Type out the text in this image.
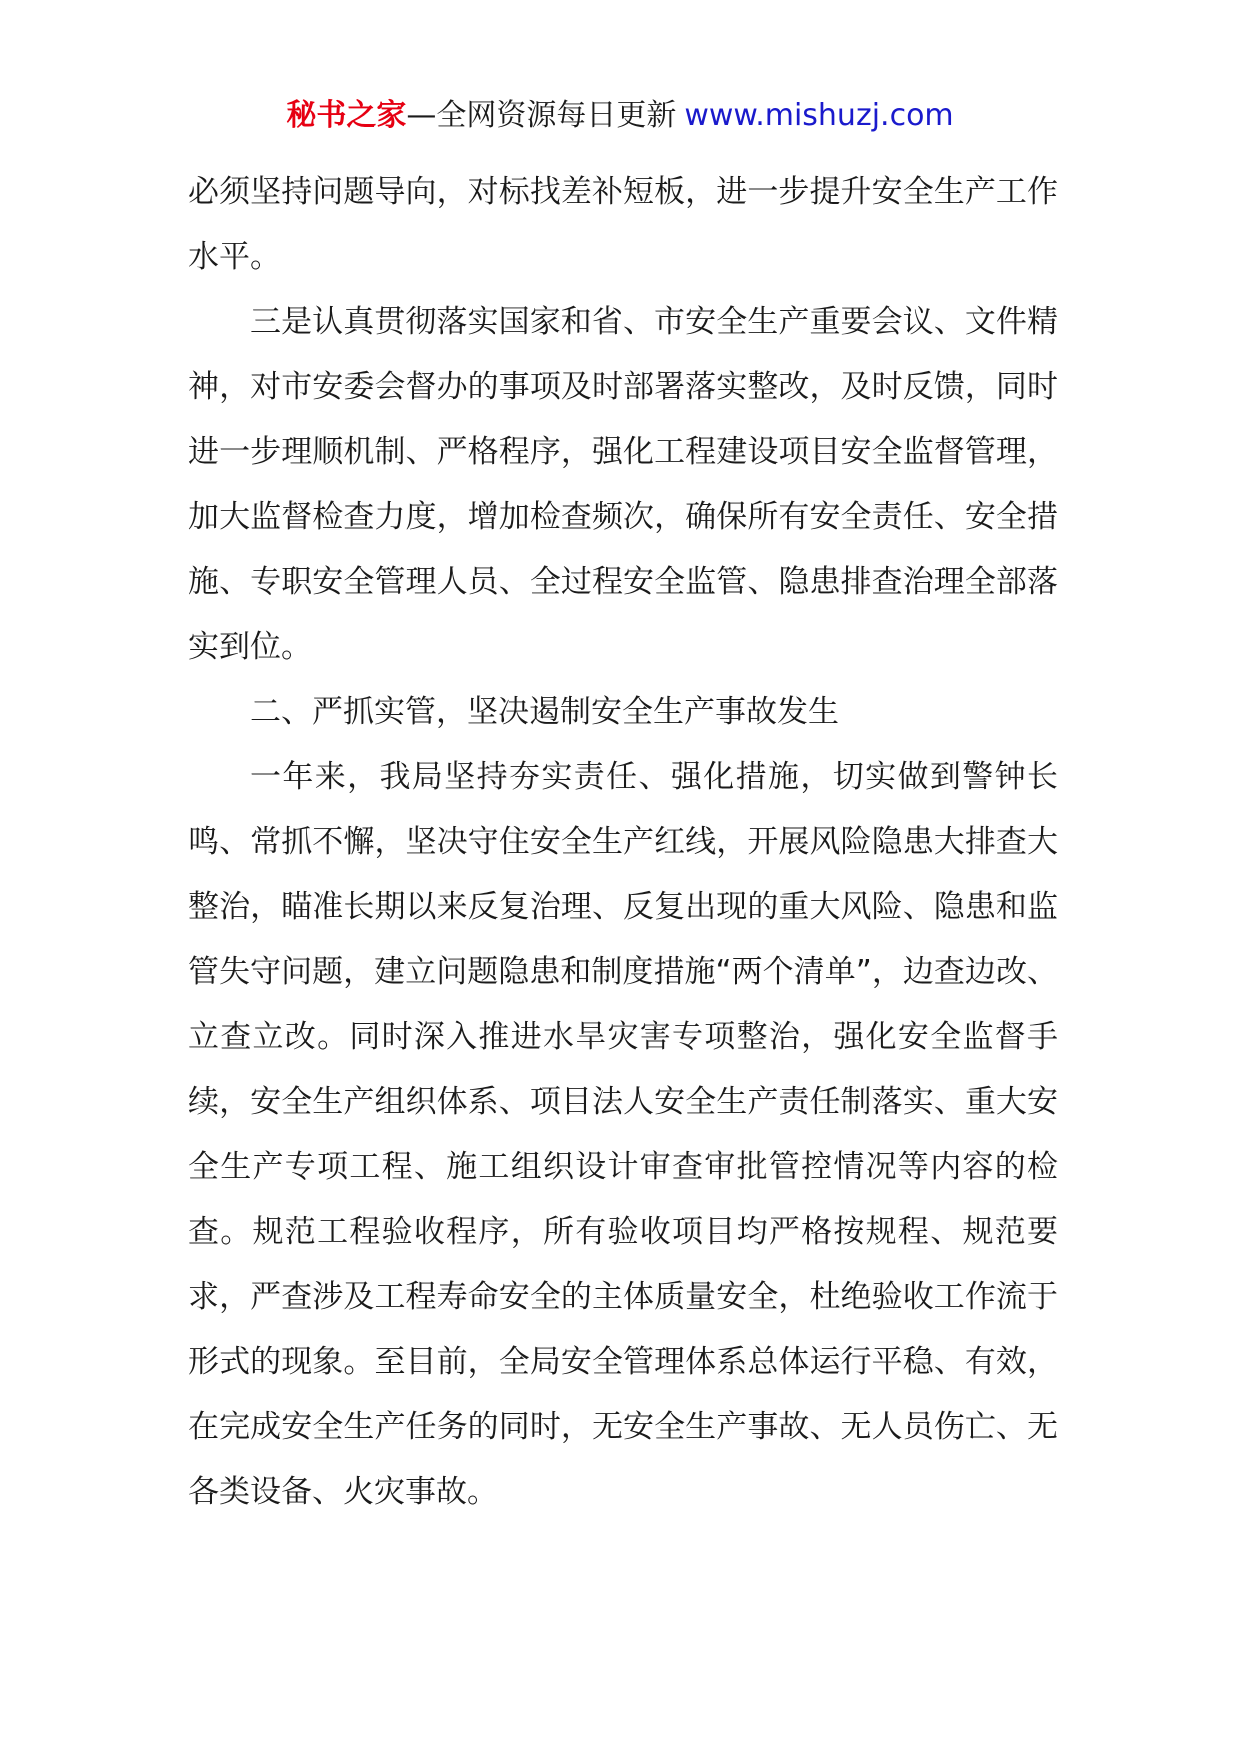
秘书之家—全网资源每日更新 www.mishuzj.com

必须坚持问题导向，对标找差补短板，进一步提升安全生产工作水平。

三是认真贯彻落实国家和省、市安全生产重要会议、文件精神，对市安委会督办的事项及时部署落实整改，及时反馈，同时进一步理顺机制、严格程序，强化工程建设项目安全监督管理，加大监督检查力度，增加检查频次，确保所有安全责任、安全措施、专职安全管理人员、全过程安全监管、隐患排查治理全部落实到位。

二、严抓实管，坚决遏制安全生产事故发生

一年来，我局坚持夯实责任、强化措施，切实做到警钟长鸣、常抓不懈，坚决守住安全生产红线，开展风险隐患大排查大整治，瞄准长期以来反复治理、反复出现的重大风险、隐患和监管失守问题，建立问题隐患和制度措施“两个清单”，边查边改、立查立改。同时深入推进水旱灾害专项整治，强化安全监督手续，安全生产组织体系、项目法人安全生产责任制落实、重大安全生产专项工程、施工组织设计审查审批管控情况等内容的检查。规范工程验收程序，所有验收项目均严格按规程、规范要求，严查涉及工程寿命安全的主体质量安全，杜绝验收工作流于形式的现象。至目前，全局安全管理体系总体运行平稳、有效，在完成安全生产任务的同时，无安全生产事故、无人员伤亡、无各类设备、火灾事故。
